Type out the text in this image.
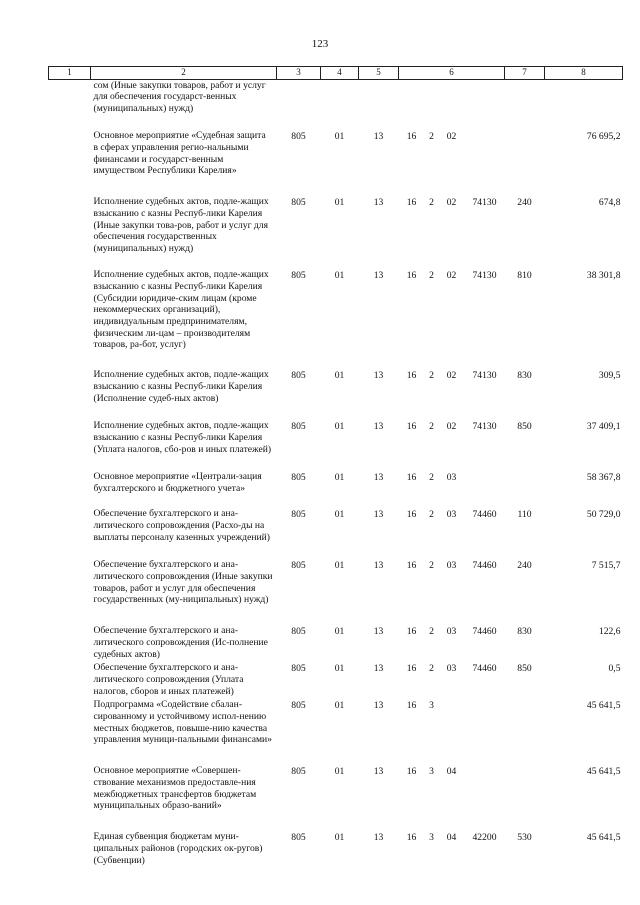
123
1	2	3	4	5	6				7	8
	сом (Иные закупки товаров, работ и услуг для обеспечения государст-венных (муниципальных) нужд)									
	Основное мероприятие «Судебная защита в сферах управления регио-нальными финансами и государст-венным имуществом Республики Карелия»	805	01	13	16	2	02			76 695,2
	Исполнение судебных актов, подле-жащих взысканию с казны Респуб-лики Карелия (Иные закупки това-ров, работ и услуг для обеспечения государственных (муниципальных) нужд)	805	01	13	16	2	02	74130	240	674,8
	Исполнение судебных актов, подле-жащих взысканию с казны Респуб-лики Карелия (Субсидии юридиче-ским лицам (кроме некоммерческих организаций), индивидуальным предпринимателям, физическим ли-цам – производителям товаров, ра-бот, услуг)	805	01	13	16	2	02	74130	810	38 301,8
	Исполнение судебных актов, подле-жащих взысканию с казны Респуб-лики Карелия (Исполнение судеб-ных актов)	805	01	13	16	2	02	74130	830	309,5
	Исполнение судебных актов, подле-жащих взысканию с казны Респуб-лики Карелия (Уплата налогов, сбо-ров и иных платежей)	805	01	13	16	2	02	74130	850	37 409,1
	Основное мероприятие «Централи-зация бухгалтерского и бюджетного учета»	805	01	13	16	2	03			58 367,8
	Обеспечение бухгалтерского и ана-литического сопровождения (Расхо-ды на выплаты персоналу казенных учреждений)	805	01	13	16	2	03	74460	110	50 729,0
	Обеспечение бухгалтерского и ана-литического сопровождения (Иные закупки товаров, работ и услуг для обеспечения государственных (му-ниципальных) нужд)	805	01	13	16	2	03	74460	240	7 515,7
	Обеспечение бухгалтерского и ана-литического сопровождения (Ис-полнение судебных актов)	805	01	13	16	2	03	74460	830	122,6
	Обеспечение бухгалтерского и ана-литического сопровождения (Уплата налогов, сборов и иных платежей)	805	01	13	16	2	03	74460	850	0,5
	Подпрограмма «Содействие сбалан-сированному и устойчивому испол-нению местных бюджетов, повыше-нию качества управления муници-пальными финансами»	805	01	13	16	3				45 641,5
	Основное мероприятие «Совершен-ствование механизмов предоставле-ния межбюджетных трансфертов бюджетам муниципальных образо-ваний»	805	01	13	16	3	04			45 641,5
	Единая субвенция бюджетам муни-ципальных районов (городских ок-ругов) (Субвенции)	805	01	13	16	3	04	42200	530	45 641,5
